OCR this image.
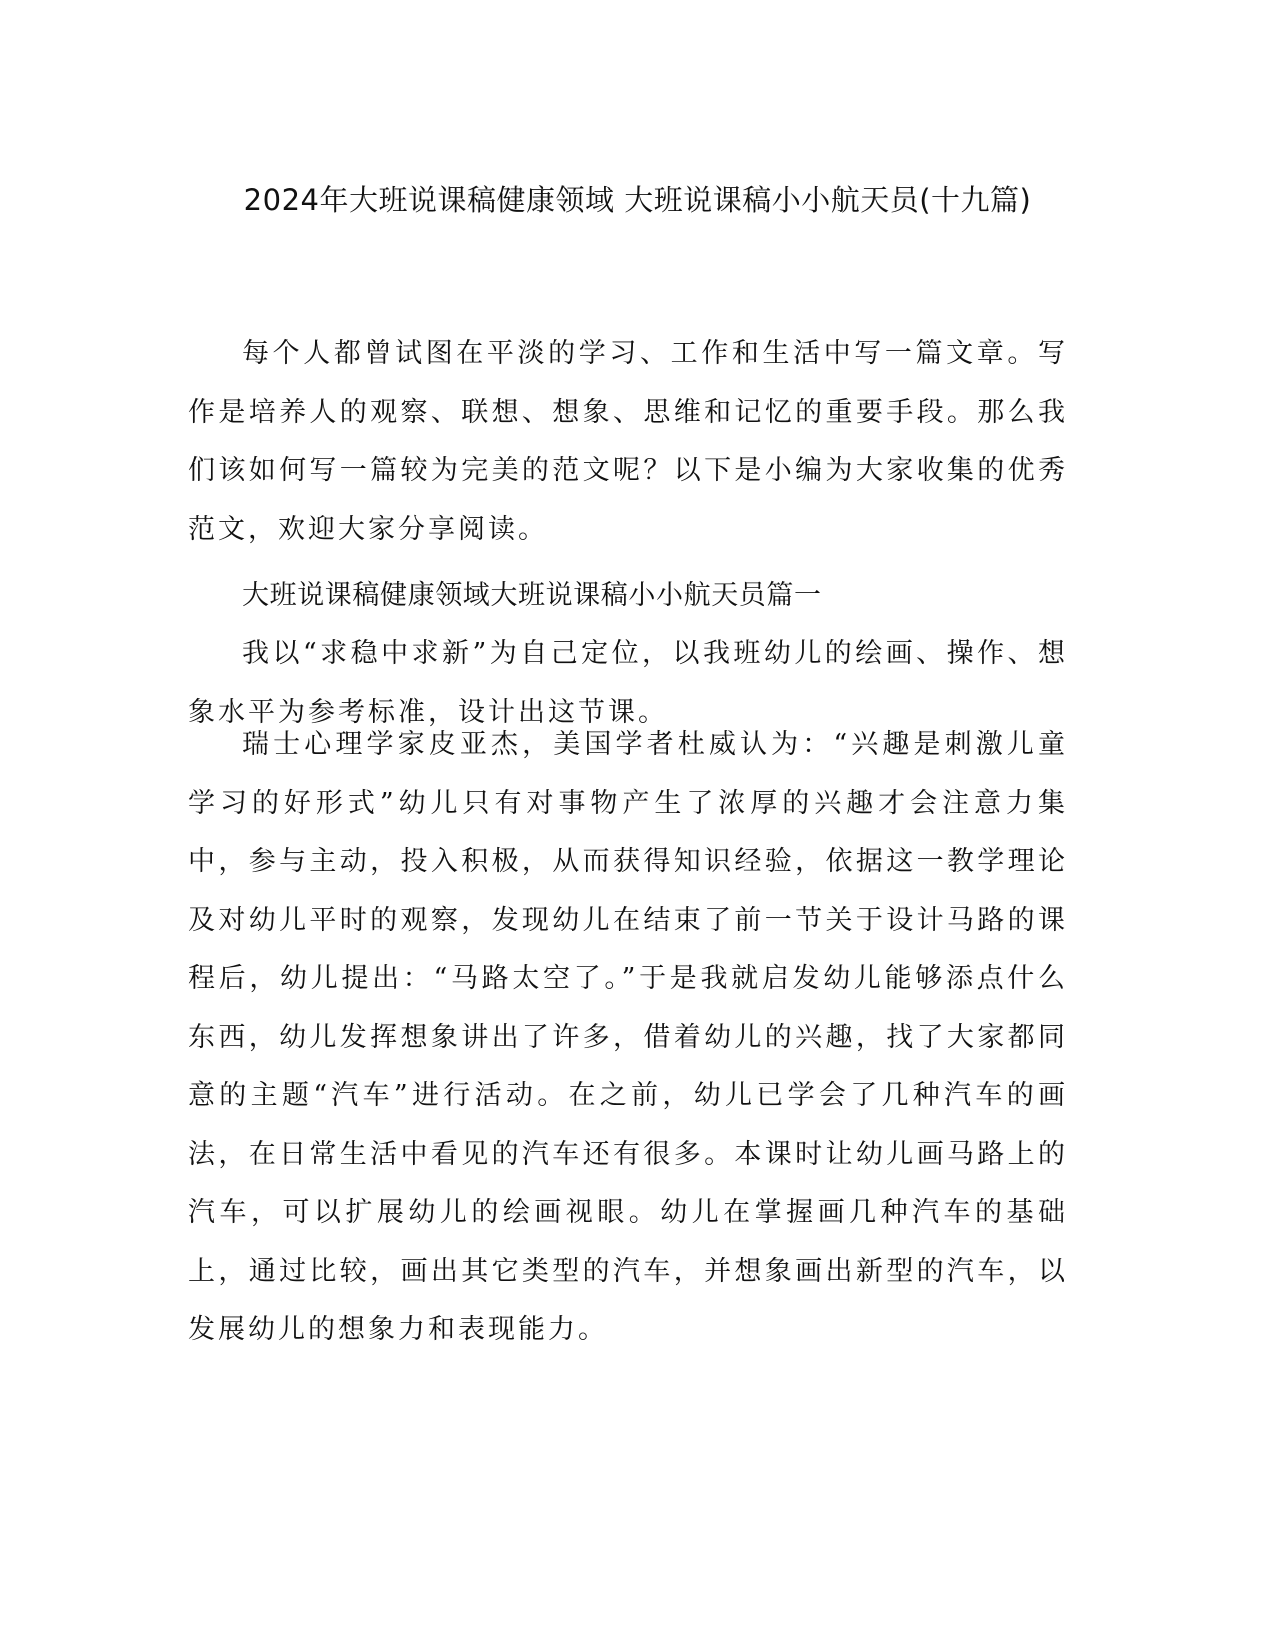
2024年大班说课稿健康领域 大班说课稿小小航天员(十九篇)

每个人都曾试图在平淡的学习、工作和生活中写一篇文章。写作是培养人的观察、联想、想象、思维和记忆的重要手段。那么我们该如何写一篇较为完美的范文呢？以下是小编为大家收集的优秀范文，欢迎大家分享阅读。

大班说课稿健康领域大班说课稿小小航天员篇一

我以“求稳中求新”为自己定位，以我班幼儿的绘画、操作、想象水平为参考标准，设计出这节课。

瑞士心理学家皮亚杰，美国学者杜威认为：“兴趣是刺激儿童学习的好形式”幼儿只有对事物产生了浓厚的兴趣才会注意力集中，参与主动，投入积极，从而获得知识经验，依据这一教学理论及对幼儿平时的观察，发现幼儿在结束了前一节关于设计马路的课程后，幼儿提出：“马路太空了。”于是我就启发幼儿能够添点什么东西，幼儿发挥想象讲出了许多，借着幼儿的兴趣，找了大家都同意的主题“汽车”进行活动。在之前，幼儿已学会了几种汽车的画法，在日常生活中看见的汽车还有很多。本课时让幼儿画马路上的汽车，可以扩展幼儿的绘画视眼。幼儿在掌握画几种汽车的基础上，通过比较，画出其它类型的汽车，并想象画出新型的汽车，以发展幼儿的想象力和表现能力。
